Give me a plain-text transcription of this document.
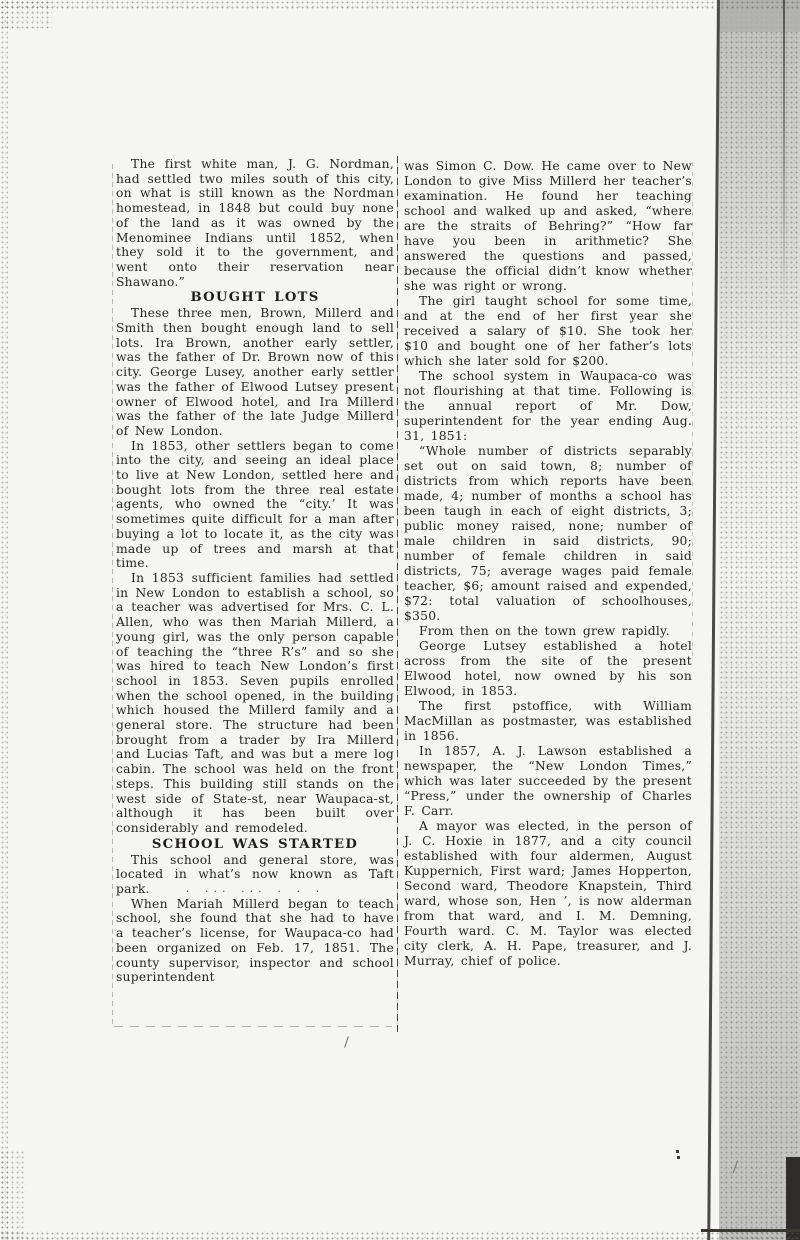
The first white man, J. G. Nordman, had settled two miles south of this city, on what is still known as the Nordman homestead, in 1848 but could buy none of the land as it was owned by the Menominee Indians until 1852, when they sold it to the government, and went onto their reservation near Shawano.”

BOUGHT LOTS

These three men, Brown, Millerd and Smith then bought enough land to sell lots. Ira Brown, another early settler, was the father of Dr. Brown now of this city. George Lusey, another early settler was the father of Elwood Lutsey present owner of Elwood hotel, and Ira Millerd was the father of the late Judge Millerd of New London.

In 1853, other settlers began to come into the city, and seeing an ideal place to live at New London, settled here and bought lots from the three real estate agents, who owned the “city.’ It was sometimes quite difficult for a man after buying a lot to locate it, as the city was made up of trees and marsh at that time.

In 1853 sufficient families had settled in New London to establish a school, so a teacher was advertised for Mrs. C. L. Allen, who was then Mariah Millerd, a young girl, was the only person capable of teaching the “three R’s” and so she was hired to teach New London’s first school in 1853. Seven pupils enrolled when the school opened, in the building which housed the Millerd family and a general store. The structure had been brought from a trader by Ira Millerd and Lucias Taft, and was but a mere log cabin. The school was held on the front steps. This building still stands on the west side of State-st, near Waupaca-st, although it has been built over considerably and remodeled.

SCHOOL WAS STARTED

This school and general store, was located in what’s now known as Taft park.	· ··· ··· · · ·

When Mariah Millerd began to teach school, she found that she had to have a teacher’s license, for Waupaca-co had been organized on Feb. 17, 1851. The county supervisor, inspector and school superintendent

was Simon C. Dow. He came over to New London to give Miss Millerd her teacher’s examination. He found her teaching school and walked up and asked, “where are the straits of Behring?” “How far have you been in arithmetic? She answered the questions and passed, because the official didn’t know whether she was right or wrong.

The girl taught school for some time, and at the end of her first year she received a salary of $10. She took her $10 and bought one of her father’s lots which she later sold for $200.

The school system in Waupaca-co was not flourishing at that time. Following is the annual report of Mr. Dow, superintendent for the year ending Aug. 31, 1851:

“Whole number of districts separably set out on said town, 8; number of districts from which reports have been made, 4; number of months a school has been taugh in each of eight districts, 3; public money raised, none; number of male children in said districts, 90; number of female children in said districts, 75; average wages paid female teacher, $6; amount raised and expended, $72: total valuation of schoolhouses, $350.

From then on the town grew rapidly.

George Lutsey established a hotel across from the site of the present Elwood hotel, now owned by his son Elwood, in 1853.

The first pstoffice, with William MacMillan as postmaster, was established in 1856.

In 1857, A. J. Lawson established a newspaper, the “New London Times,” which was later succeeded by the present “Press,” under the ownership of Charles F. Carr.

A mayor was elected, in the person of J. C. Hoxie in 1877, and a city council established with four aldermen, August Kuppernich, First ward; James Hopperton, Second ward, Theodore Knapstein, Third ward, whose son, Hen ’, is now alderman from that ward, and I. M. Demning, Fourth ward. C. M. Taylor was elected city clerk, A. H. Pape, treasurer, and J. Murray, chief of police.
